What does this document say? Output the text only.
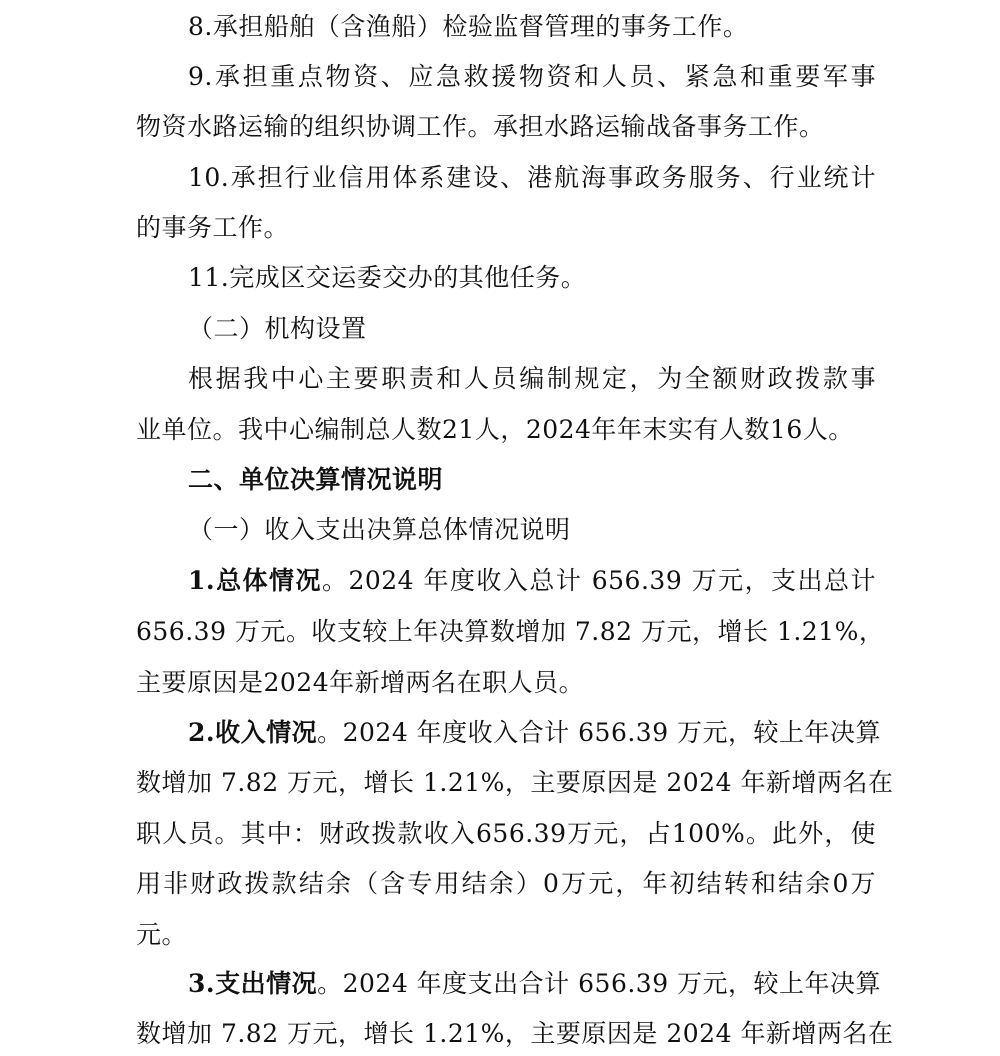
8.承担船舶（含渔船）检验监督管理的事务工作。
9.承担重点物资、应急救援物资和人员、紧急和重要军事
物资水路运输的组织协调工作。承担水路运输战备事务工作。
10.承担行业信用体系建设、港航海事政务服务、行业统计
的事务工作。
11.完成区交运委交办的其他任务。
（二）机构设置
根据我中心主要职责和人员编制规定，为全额财政拨款事
业单位。我中心编制总人数21人，2024年年末实有人数16人。
二、单位决算情况说明
（一）收入支出决算总体情况说明
1.总体情况。2024 年度收入总计 656.39 万元，支出总计
656.39 万元。收支较上年决算数增加 7.82 万元，增长 1.21%，
主要原因是2024年新增两名在职人员。
2.收入情况。2024 年度收入合计 656.39 万元，较上年决算
数增加 7.82 万元，增长 1.21%，主要原因是 2024 年新增两名在
职人员。其中：财政拨款收入656.39万元，占100%。此外，使
用非财政拨款结余（含专用结余）0万元，年初结转和结余0万
元。
3.支出情况。2024 年度支出合计 656.39 万元，较上年决算
数增加 7.82 万元，增长 1.21%，主要原因是 2024 年新增两名在
